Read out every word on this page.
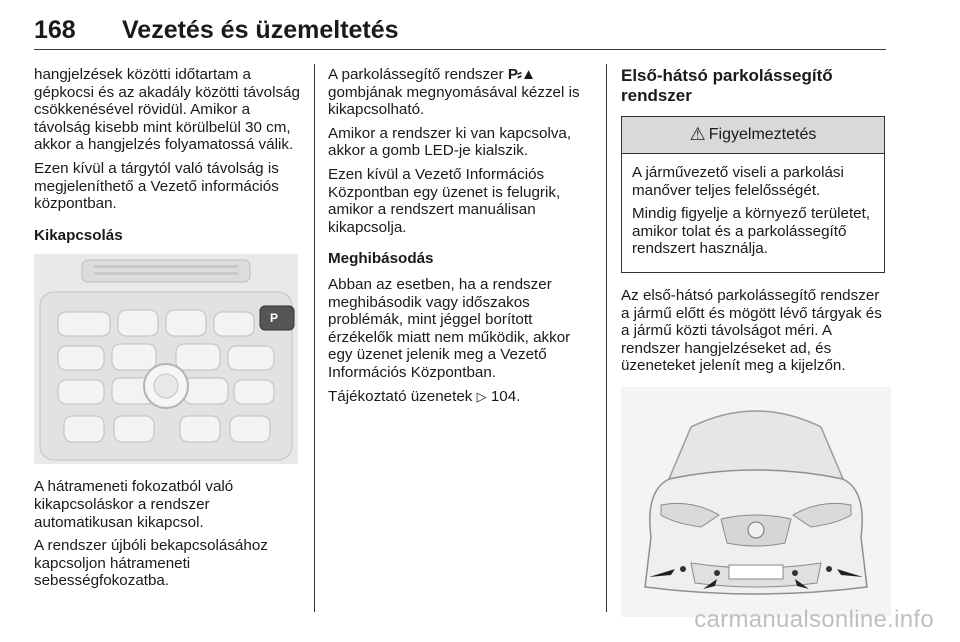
168 Vezetés és üzemeltetés

hangjelzések közötti időtartam a gépkocsi és az akadály közötti távolság csökkenésével rövidül. Amikor a távolság kisebb mint körülbelül 30 cm, akkor a hangjelzés folyamatossá válik.

Ezen kívül a tárgytól való távolság is megjeleníthető a Vezető információs központban.

Kikapcsolás

P

A hátrameneti fokozatból való kikapcsoláskor a rendszer automatikusan kikapcsol.

A rendszer újbóli bekapcsolásához kapcsoljon hátrameneti sebességfokozatba.

A parkolássegítő rendszer P⸗▲ gombjának megnyomásával kézzel is kikapcsolható.

Amikor a rendszer ki van kapcsolva, akkor a gomb LED-je kialszik.

Ezen kívül a Vezető Információs Központban egy üzenet is felugrik, amikor a rendszert manuálisan kikapcsolja.

Meghibásodás

Abban az esetben, ha a rendszer meghibásodik vagy időszakos problémák, mint jéggel borított érzékelők miatt nem működik, akkor egy üzenet jelenik meg a Vezető Információs Központban.

Tájékoztató üzenetek ▷ 104.

Első-hátsó parkolássegítő rendszer

⚠ Figyelmeztetés

A járművezető viseli a parkolási manőver teljes felelősségét.

Mindig figyelje a környező területet, amikor tolat és a parkolássegítő rendszert használja.

Az első-hátsó parkolássegítő rendszer a jármű előtt és mögött lévő tárgyak és a jármű közti távolságot méri. A rendszer hangjelzéseket ad, és üzeneteket jelenít meg a kijelzőn.

carmanualsonline.info
